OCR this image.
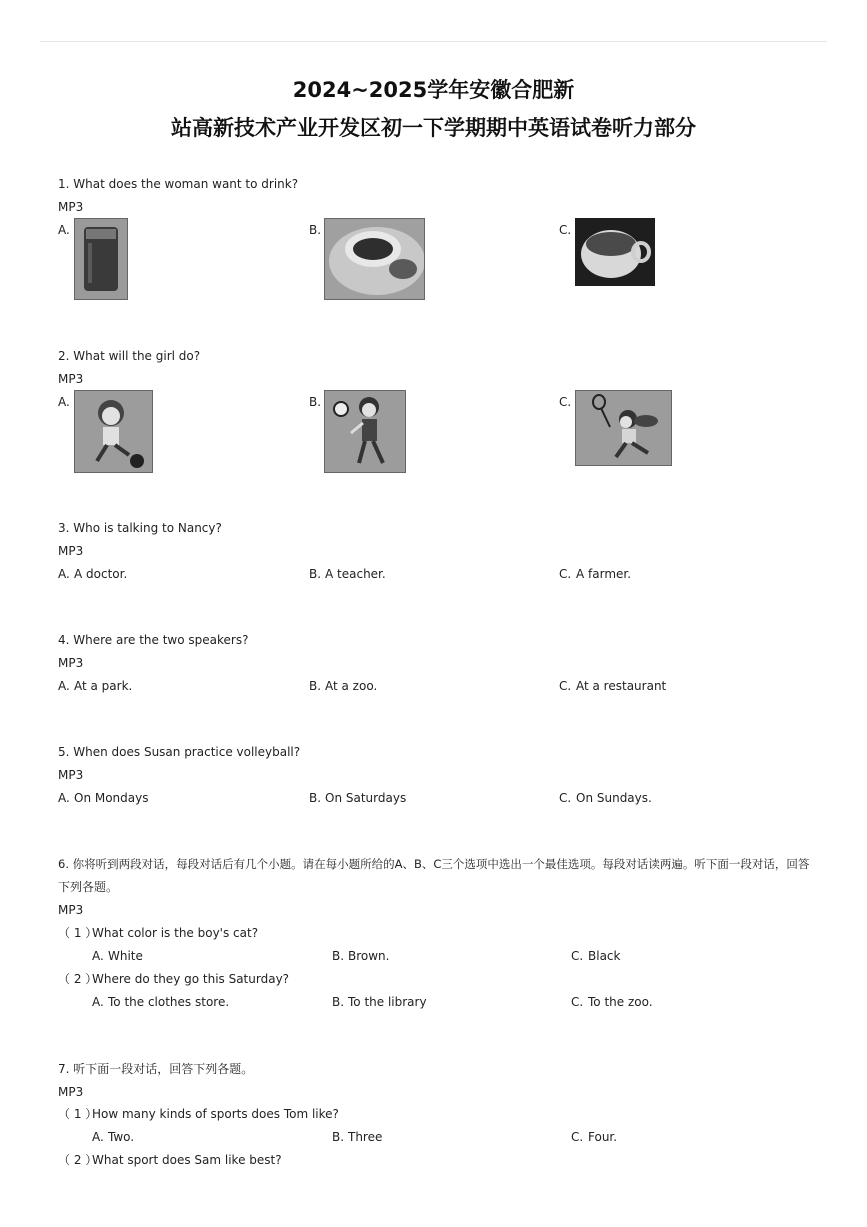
2024~2025学年安徽合肥新
站高新技术产业开发区初一下学期期中英语试卷听力部分
1. What does the woman want to drink?
MP3
A.	B.	C.
2. What will the girl do?
MP3
A.	B.	C.
3. Who is talking to Nancy?
MP3
A. A doctor.	B. A teacher.	C. A farmer.
4. Where are the two speakers?
MP3
A. At a park.	B. At a zoo.	C. At a restaurant
5. When does Susan practice volleyball?
MP3
A. On Mondays	B. On Saturdays	C. On Sundays.
6. 你将听到两段对话，每段对话后有几个小题。请在每小题所给的A、B、C三个选项中选出一个最佳选项。每段对话读两遍。听下面一段对话，回答
下列各题。
MP3
（ 1 ）
What color is the boy's cat?
A. White	B. Brown.	C. Black
（ 2 ）
Where do they go this Saturday?
A. To the clothes store.	B. To the library	C. To the zoo.
7. 听下面一段对话，回答下列各题。
MP3
（ 1 ）
How many kinds of sports does Tom like?
A. Two.	B. Three	C. Four.
（ 2 ）
What sport does Sam like best?
